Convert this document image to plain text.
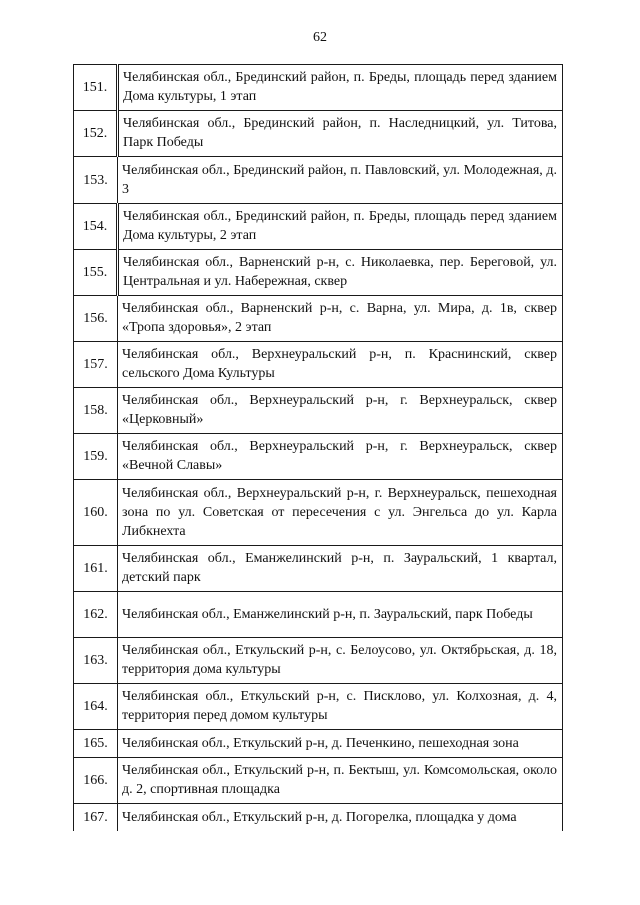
62
151.	Челябинская обл., Брединский район, п. Бреды, площадь перед зданием Дома культуры, 1 этап
152.	Челябинская обл., Брединский район, п. Наследницкий, ул. Титова, Парк Победы
153.	Челябинская обл., Брединский район, п. Павловский, ул. Молодежная, д. 3
154.	Челябинская обл., Брединский район, п. Бреды, площадь перед зданием Дома культуры, 2 этап
155.	Челябинская обл., Варненский р-н, с. Николаевка, пер. Береговой, ул. Центральная и ул. Набережная, сквер
156.	Челябинская обл., Варненский р-н, с. Варна, ул. Мира, д. 1в, сквер «Тропа здоровья», 2 этап
157.	Челябинская обл., Верхнеуральский р-н, п. Краснинский, сквер сельского Дома Культуры
158.	Челябинская обл., Верхнеуральский р-н, г. Верхнеуральск, сквер «Церковный»
159.	Челябинская обл., Верхнеуральский р-н, г. Верхнеуральск, сквер «Вечной Славы»
160.	Челябинская обл., Верхнеуральский р-н, г. Верхнеуральск, пешеходная зона по ул. Советская от пересечения с ул. Энгельса до ул. Карла Либкнехта
161.	Челябинская обл., Еманжелинский р-н, п. Зауральский, 1 квартал, детский парк
162.	Челябинская обл., Еманжелинский р-н, п. Зауральский, парк Победы
163.	Челябинская обл., Еткульский р-н, с. Белоусово, ул. Октябрьская, д. 18, территория дома культуры
164.	Челябинская обл., Еткульский р-н, с. Писклово, ул. Колхозная, д. 4, территория перед домом культуры
165.	Челябинская обл., Еткульский р-н, д. Печенкино, пешеходная зона
166.	Челябинская обл., Еткульский р-н, п. Бектыш, ул. Комсомольская, около д. 2, спортивная площадка
167.	Челябинская обл., Еткульский р-н, д. Погорелка, площадка у дома
